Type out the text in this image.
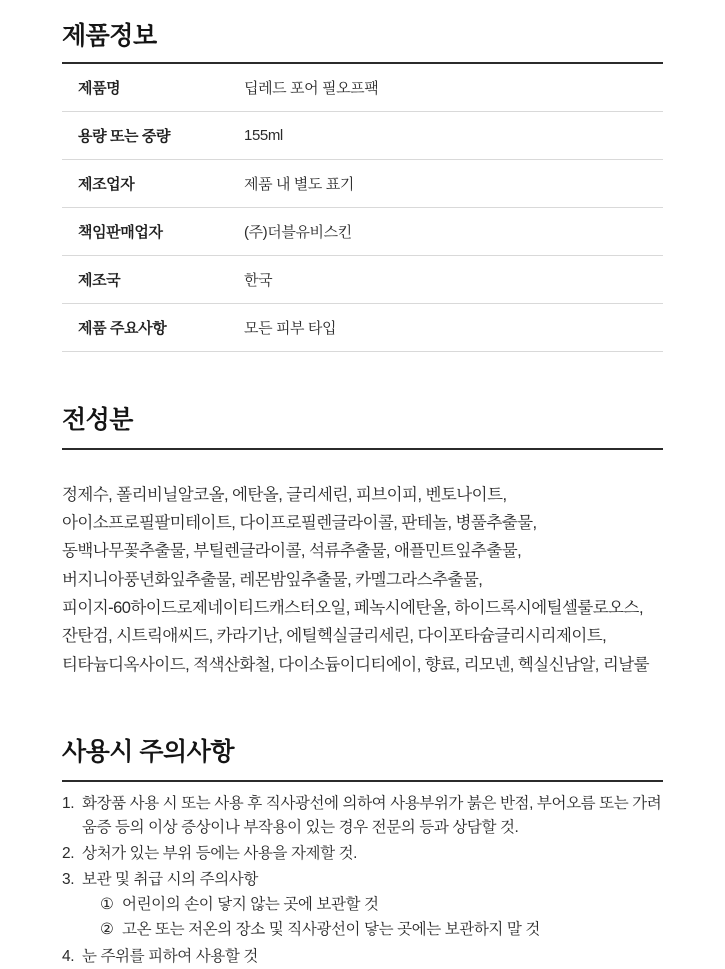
제품정보
제품명	딥레드 포어 필오프팩
용량 또는 중량	155ml
제조업자	제품 내 별도 표기
책임판매업자	(주)더블유비스킨
제조국	한국
제품 주요사항	모든 피부 타입
전성분

정제수, 폴리비닐알코올, 에탄올, 글리세린, 피브이피, 벤토나이트, 아이소프로필팔미테이트, 다이프로필렌글라이콜, 판테놀, 병풀추출물, 동백나무꽃추출물, 부틸렌글라이콜, 석류추출물, 애플민트잎추출물, 버지니아풍년화잎추출물, 레몬밤잎추출물, 카멜그라스추출물, 피이지-60하이드로제네이티드캐스터오일, 페녹시에탄올, 하이드록시에틸셀룰로오스, 잔탄검, 시트릭애씨드, 카라기난, 에틸헥실글리세린, 다이포타슘글리시리제이트, 티타늄디옥사이드, 적색산화철, 다이소듐이디티에이, 향료, 리모넨, 헥실신남알, 리날룰

사용시 주의사항
1. 화장품 사용 시 또는 사용 후 직사광선에 의하여 사용부위가 붉은 반점, 부어오름 또는 가려움증 등의 이상 증상이나 부작용이 있는 경우 전문의 등과 상담할 것.
2. 상처가 있는 부위 등에는 사용을 자제할 것.
3. 보관 및 취급 시의 주의사항
① 어린이의 손이 닿지 않는 곳에 보관할 것
② 고온 또는 저온의 장소 및 직사광선이 닿는 곳에는 보관하지 말 것
4. 눈 주위를 피하여 사용할 것
